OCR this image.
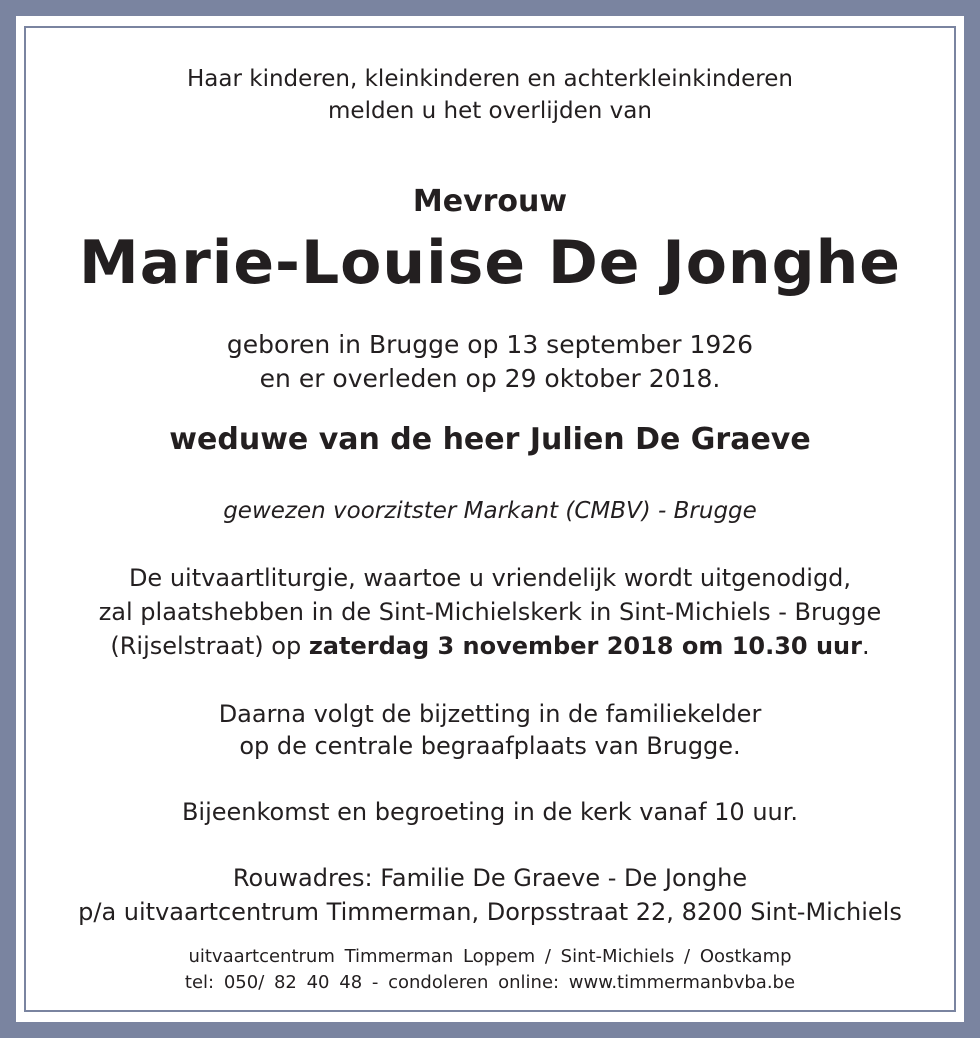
Haar kinderen, kleinkinderen en achterkleinkinderen
melden u het overlijden van
Mevrouw
Marie-Louise De Jonghe
geboren in Brugge op 13 september 1926
en er overleden op 29 oktober 2018.
weduwe van de heer Julien De Graeve
gewezen voorzitster Markant (CMBV) - Brugge
De uitvaartliturgie, waartoe u vriendelijk wordt uitgenodigd,
zal plaatshebben in de Sint-Michielskerk in Sint-Michiels - Brugge
(Rijselstraat) op zaterdag 3 november 2018 om 10.30 uur.
Daarna volgt de bijzetting in de familiekelder
op de centrale begraafplaats van Brugge.
Bijeenkomst en begroeting in de kerk vanaf 10 uur.
Rouwadres: Familie De Graeve - De Jonghe
p/a uitvaartcentrum Timmerman, Dorpsstraat 22, 8200 Sint-Michiels
uitvaartcentrum Timmerman Loppem / Sint-Michiels / Oostkamp
tel: 050/ 82 40 48 - condoleren online: www.timmermanbvba.be
